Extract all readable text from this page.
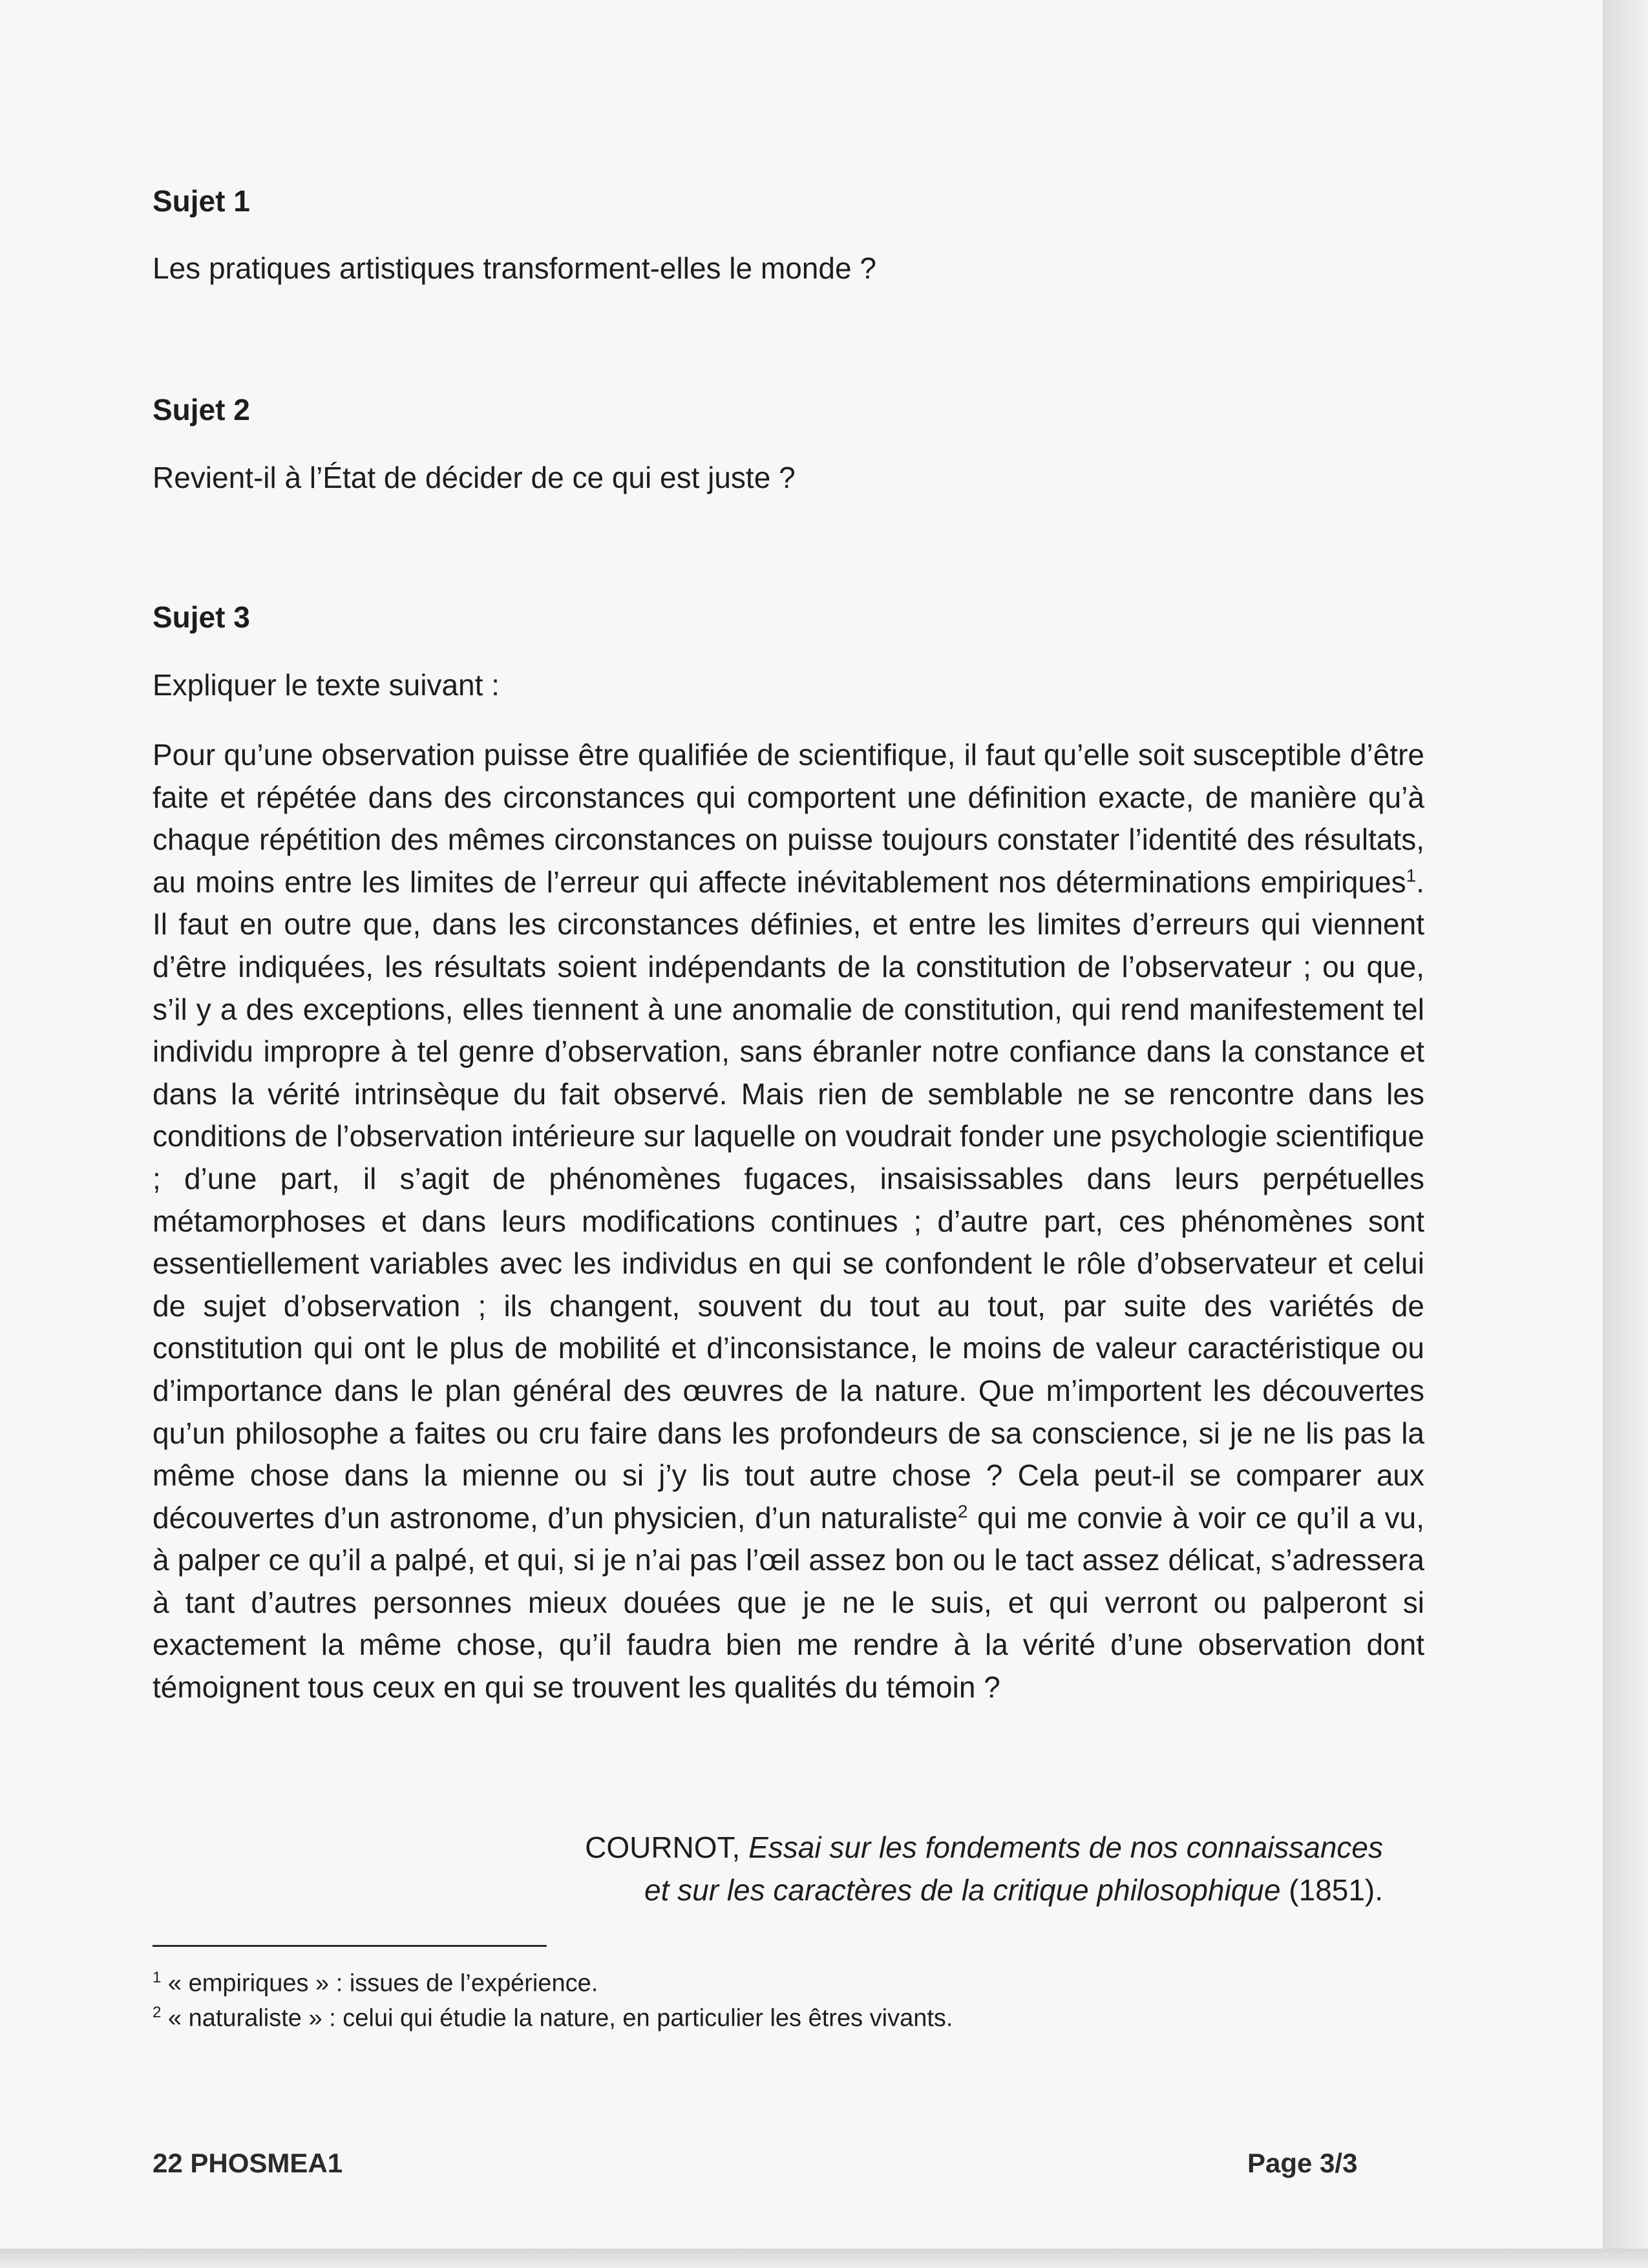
Sujet 1
Les pratiques artistiques transforment-elles le monde ?
Sujet 2
Revient-il à l’État de décider de ce qui est juste ?
Sujet 3
Expliquer le texte suivant :

Pour qu’une observation puisse être qualifiée de scientifique, il faut qu’elle soit susceptible d’être faite et répétée dans des circonstances qui comportent une définition exacte, de manière qu’à chaque répétition des mêmes circonstances on puisse toujours constater l’identité des résultats, au moins entre les limites de l’erreur qui affecte inévitablement nos déterminations empiriques$^1$. Il faut en outre que, dans les circonstances définies, et entre les limites d’erreurs qui viennent d’être indiquées, les résultats soient indépendants de la constitution de l’observateur ; ou que, s’il y a des exceptions, elles tiennent à une anomalie de constitution, qui rend manifestement tel individu impropre à tel genre d’observation, sans ébranler notre confiance dans la constance et dans la vérité intrinsèque du fait observé. Mais rien de semblable ne se rencontre dans les conditions de l’observation intérieure sur laquelle on voudrait fonder une psychologie scientifique ; d’une part, il s’agit de phénomènes fugaces, insaisissables dans leurs perpétuelles métamorphoses et dans leurs modifications continues ; d’autre part, ces phénomènes sont essentiellement variables avec les individus en qui se confondent le rôle d’observateur et celui de sujet d’observation ; ils changent, souvent du tout au tout, par suite des variétés de constitution qui ont le plus de mobilité et d’inconsistance, le moins de valeur caractéristique ou d’importance dans le plan général des œuvres de la nature. Que m’importent les découvertes qu’un philosophe a faites ou cru faire dans les profondeurs de sa conscience, si je ne lis pas la même chose dans la mienne ou si j’y lis tout autre chose ? Cela peut-il se comparer aux découvertes d’un astronome, d’un physicien, d’un naturaliste$^2$ qui me convie à voir ce qu’il a vu, à palper ce qu’il a palpé, et qui, si je n’ai pas l’œil assez bon ou le tact assez délicat, s’adressera à tant d’autres personnes mieux douées que je ne le suis, et qui verront ou palperont si exactement la même chose, qu’il faudra bien me rendre à la vérité d’une observation dont témoignent tous ceux en qui se trouvent les qualités du témoin ?

COURNOT, Essai sur les fondements de nos connaissances
et sur les caractères de la critique philosophique (1851).
$^1$ « empiriques » : issues de l’expérience.
$^2$ « naturaliste » : celui qui étudie la nature, en particulier les êtres vivants.
22 PHOSMEA1	Page 3/3
